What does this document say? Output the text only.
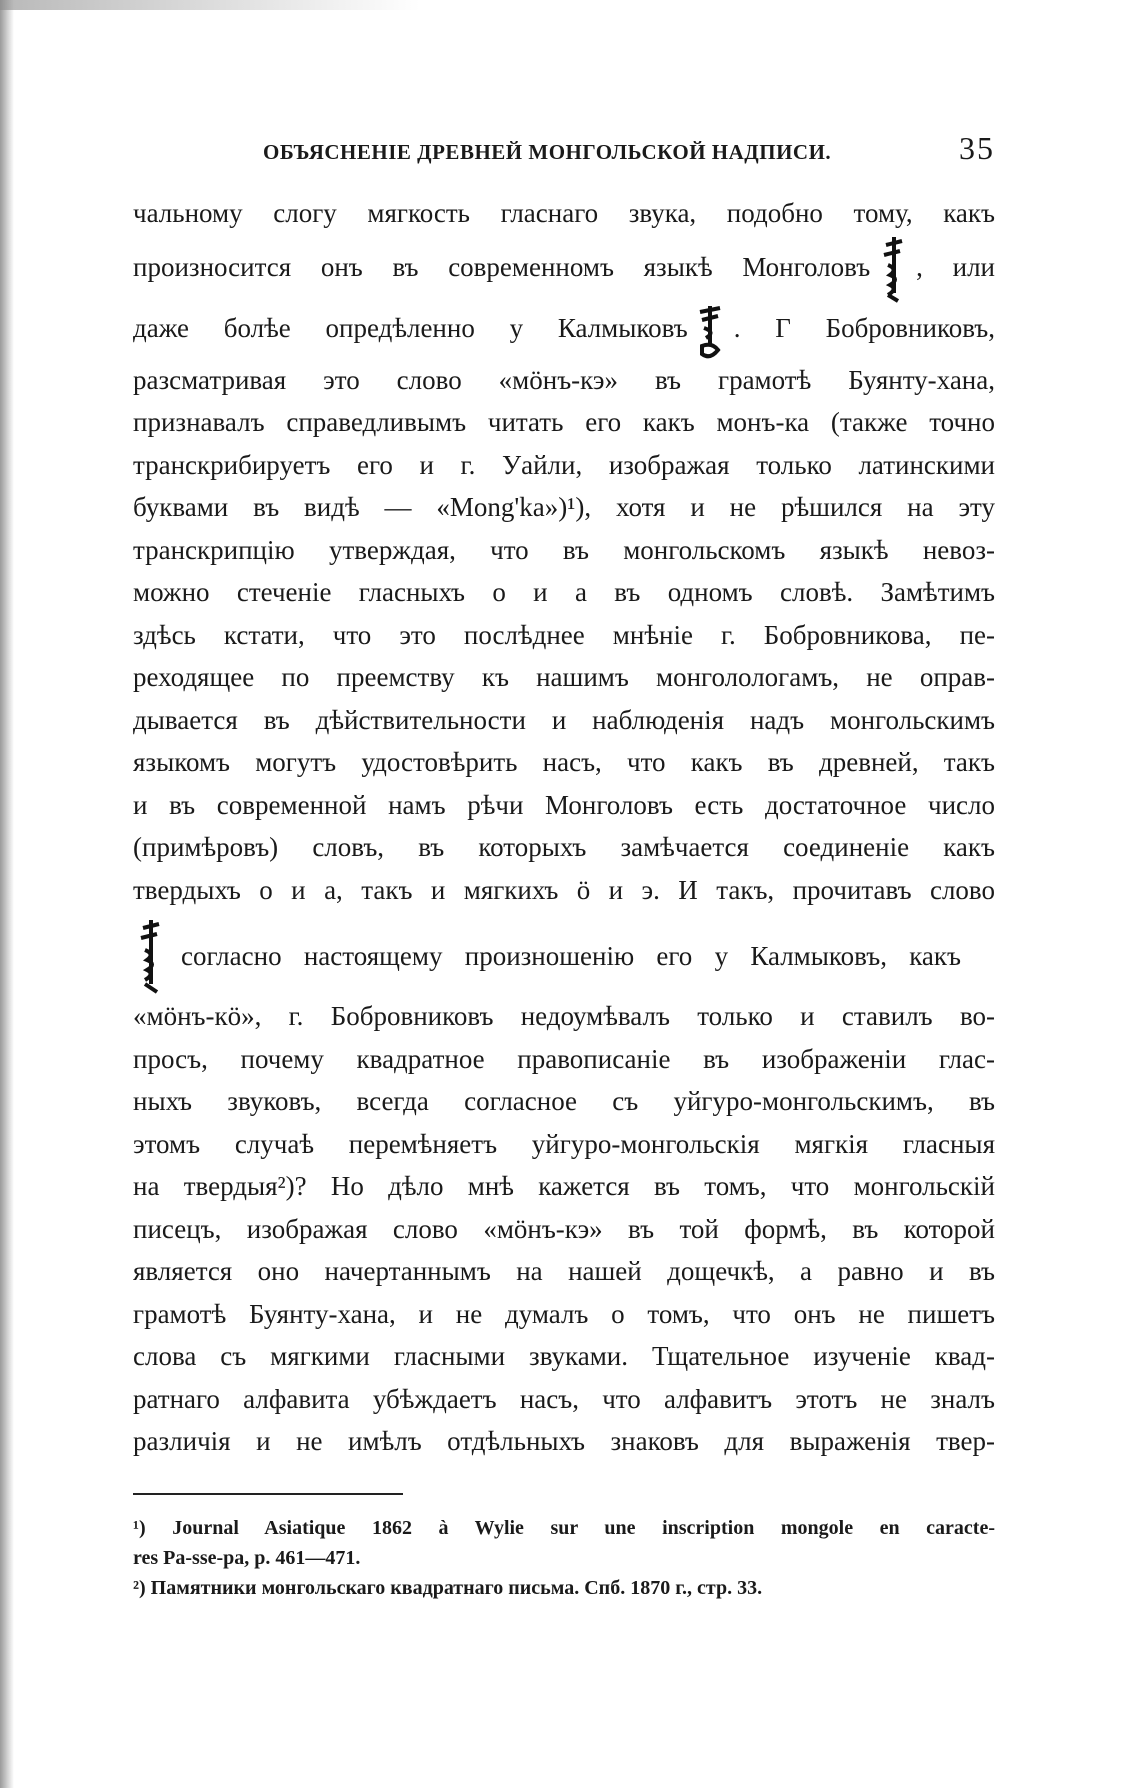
ОБЪЯСНЕНІЕ ДРЕВНЕЙ МОНГОЛЬСКОЙ НАДПИСИ.	35
чальному слогу мягкость гласнаго звука, подобно тому, какъ
произносится онъ въ современномъ языкѣ Монголовъ , или
даже болѣе опредѣленно у Калмыковъ . Г Бобровниковъ,
разсматривая это слово «мöнъ-кэ» въ грамотѣ Буянту-хана,
признавалъ справедливымъ читать его какъ монъ-ка (также точно
транскрибируетъ его и г. Уайли, изображая только латинскими
буквами въ видѣ — «Mong'ka»)¹), хотя и не рѣшился на эту
транскрипцію утверждая, что въ монгольскомъ языкѣ невоз-
можно стеченіе гласныхъ о и а въ одномъ словѣ. Замѣтимъ
здѣсь кстати, что это послѣднее мнѣніе г. Бобровникова, пе-
реходящее по преемству къ нашимъ монголологамъ, не оправ-
дывается въ дѣйствительности и наблюденія надъ монгольскимъ
языкомъ могутъ удостовѣрить насъ, что какъ въ древней, такъ
и въ современной намъ рѣчи Монголовъ есть достаточное число
(примѣровъ) словъ, въ которыхъ замѣчается соединеніе какъ
твердыхъ о и а, такъ и мягкихъ ö и э. И такъ, прочитавъ слово
согласно настоящему произношенію его у Калмыковъ, какъ
«мöнъ-кö», г. Бобровниковъ недоумѣвалъ только и ставилъ во-
просъ, почему квадратное правописаніе въ изображеніи глас-
ныхъ звуковъ, всегда согласное съ уйгуро-монгольскимъ, въ
этомъ случаѣ перемѣняетъ уйгуро-монгольскія мягкія гласныя
на твердыя²)? Но дѣло мнѣ кажется въ томъ, что монгольскій
писецъ, изображая слово «мöнъ-кэ» въ той формѣ, въ которой
является оно начертаннымъ на нашей дощечкѣ, а равно и въ
грамотѣ Буянту-хана, и не думалъ о томъ, что онъ не пишетъ
слова съ мягкими гласными звуками. Тщательное изученіе квад-
ратнаго алфавита убѣждаетъ насъ, что алфавитъ этотъ не зналъ
различія и не имѣлъ отдѣльныхъ знаковъ для выраженія твер-
¹) Journal Asiatique 1862 à Wylie sur une inscription mongole en caracte-
res Pa-sse-pa, p. 461—471.
²) Памятники монгольскаго квадратнаго письма. Спб. 1870 г., стр. 33.
